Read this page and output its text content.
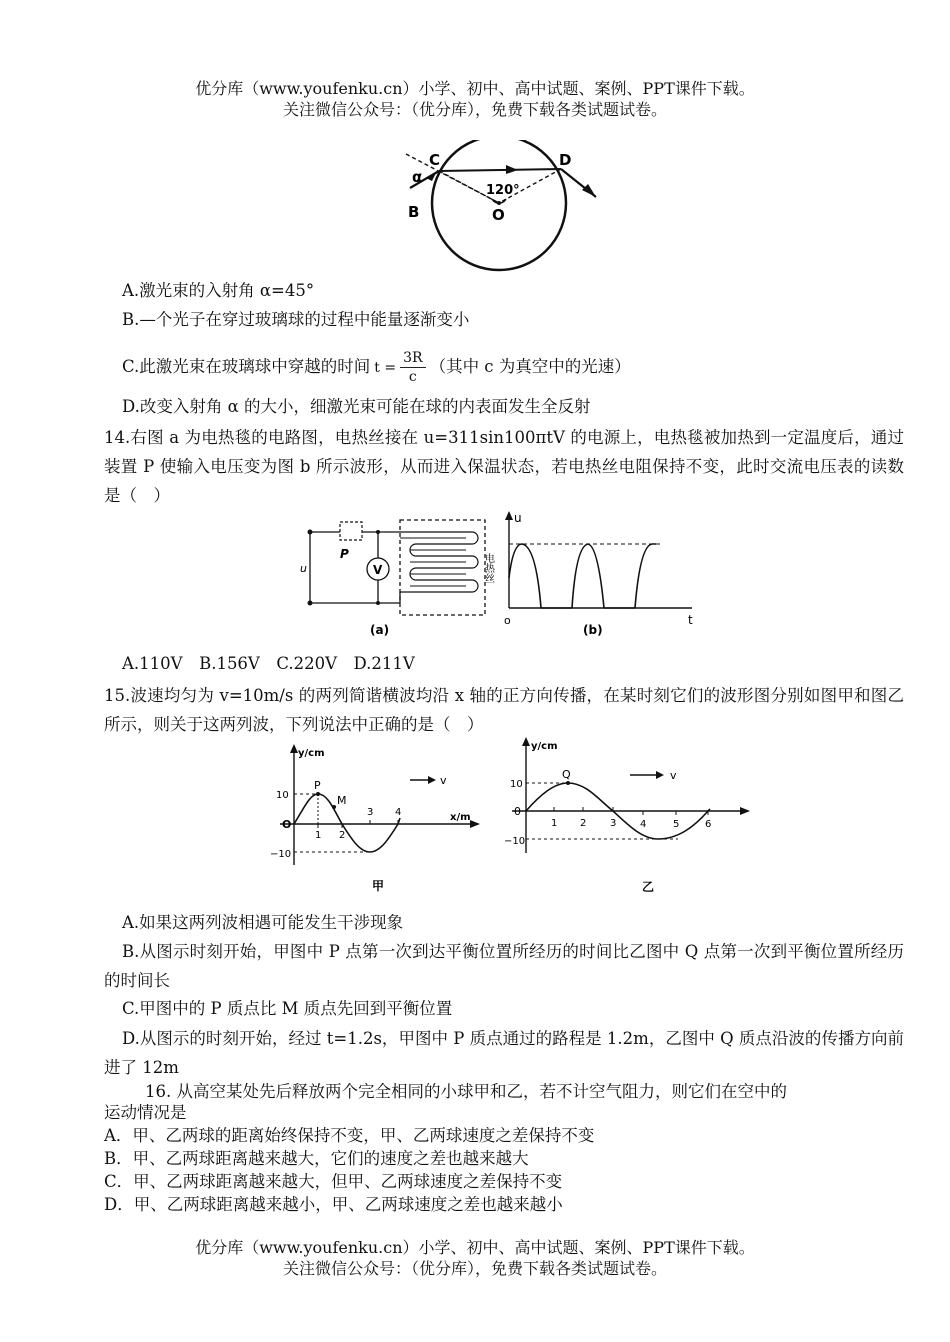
优分库（www.youfenku.cn）小学、初中、高中试题、案例、PPT课件下载。
关注微信公众号：（优分库），免费下载各类试题试卷。
C	D
α
B	O
120°
A.激光束的入射角 α=45°
B.—个光子在穿过玻璃球的过程中能量逐渐变小
C.此激光束在玻璃球中穿越的时间 $t = \frac{3R}{c}$ （其中 c 为真空中的光速）
D.改变入射角 α 的大小，细激光束可能在球的内表面发生全反射
14.右图 a 为电热毯的电路图，电热丝接在 u=311sin100πtV 的电源上，电热毯被加热到一定温度后，通过装置 P 使输入电压变为图 b 所示波形，从而进入保温状态，若电热丝电阻保持不变，此时交流电压表的读数是（　）
P
V
u	电热丝
(a)
u
o	t
(b)
A.110V　B.156V　C.220V　D.211V
15.波速均匀为 v=10m/s 的两列简谐横波均沿 x 轴的正方向传播，在某时刻它们的波形图分别如图甲和图乙所示，则关于这两列波，下列说法中正确的是（　）
y/cm
x/m
v
P
M
10
−10
O
1 2
3 4
甲
y/cm
v
Q
10
−10
0
1 2 3 4	5	6
乙
A.如果这两列波相遇可能发生干涉现象
B.从图示时刻开始，甲图中 P 点第一次到达平衡位置所经历的时间比乙图中 Q 点第一次到平衡位置所经历的时间长
C.甲图中的 P 质点比 M 质点先回到平衡位置
D.从图示的时刻开始，经过 t=1.2s，甲图中 P 质点通过的路程是 1.2m，乙图中 Q 质点沿波的传播方向前进了 12m
16. 从高空某处先后释放两个完全相同的小球甲和乙，若不计空气阻力，则它们在空中的
运动情况是
A．甲、乙两球的距离始终保持不变，甲、乙两球速度之差保持不变
B．甲、乙两球距离越来越大，它们的速度之差也越来越大
C．甲、乙两球距离越来越大，但甲、乙两球速度之差保持不变
D．甲、乙两球距离越来越小，甲、乙两球速度之差也越来越小
优分库（www.youfenku.cn）小学、初中、高中试题、案例、PPT课件下载。
关注微信公众号：（优分库），免费下载各类试题试卷。
